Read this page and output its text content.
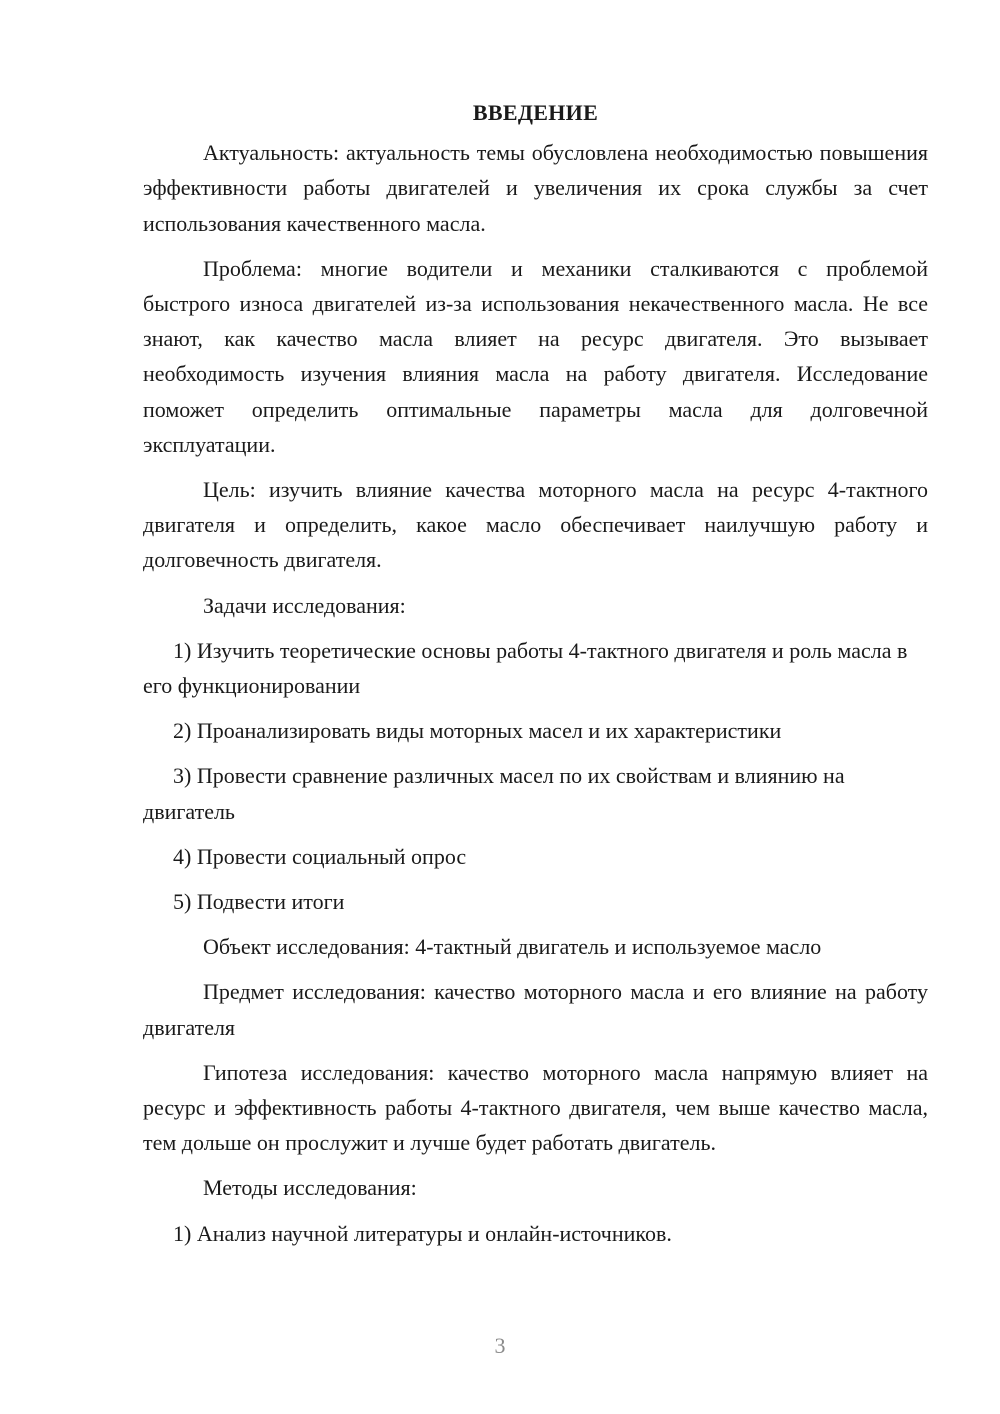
ВВЕДЕНИЕ

Актуальность: актуальность темы обусловлена необходимостью повышения эффективности работы двигателей и увеличения их срока службы за счет использования качественного масла.

Проблема: многие водители и механики сталкиваются с проблемой быстрого износа двигателей из-за использования некачественного масла. Не все знают, как качество масла влияет на ресурс двигателя. Это вызывает необходимость изучения влияния масла на работу двигателя. Исследование поможет определить оптимальные параметры масла для долговечной эксплуатации.

Цель: изучить влияние качества моторного масла на ресурс 4-тактного двигателя и определить, какое масло обеспечивает наилучшую работу и долговечность двигателя.

Задачи исследования:

1) Изучить теоретические основы работы 4-тактного двигателя и роль масла в его функционировании

2) Проанализировать виды моторных масел и их характеристики

3) Провести сравнение различных масел по их свойствам и влиянию на двигатель

4) Провести социальный опрос

5) Подвести итоги

Объект исследования: 4-тактный двигатель и используемое масло

Предмет исследования: качество моторного масла и его влияние на работу двигателя

Гипотеза исследования: качество моторного масла напрямую влияет на ресурс и эффективность работы 4-тактного двигателя, чем выше качество масла, тем дольше он прослужит и лучше будет работать двигатель.

Методы исследования:

1) Анализ научной литературы и онлайн-источников.

3
